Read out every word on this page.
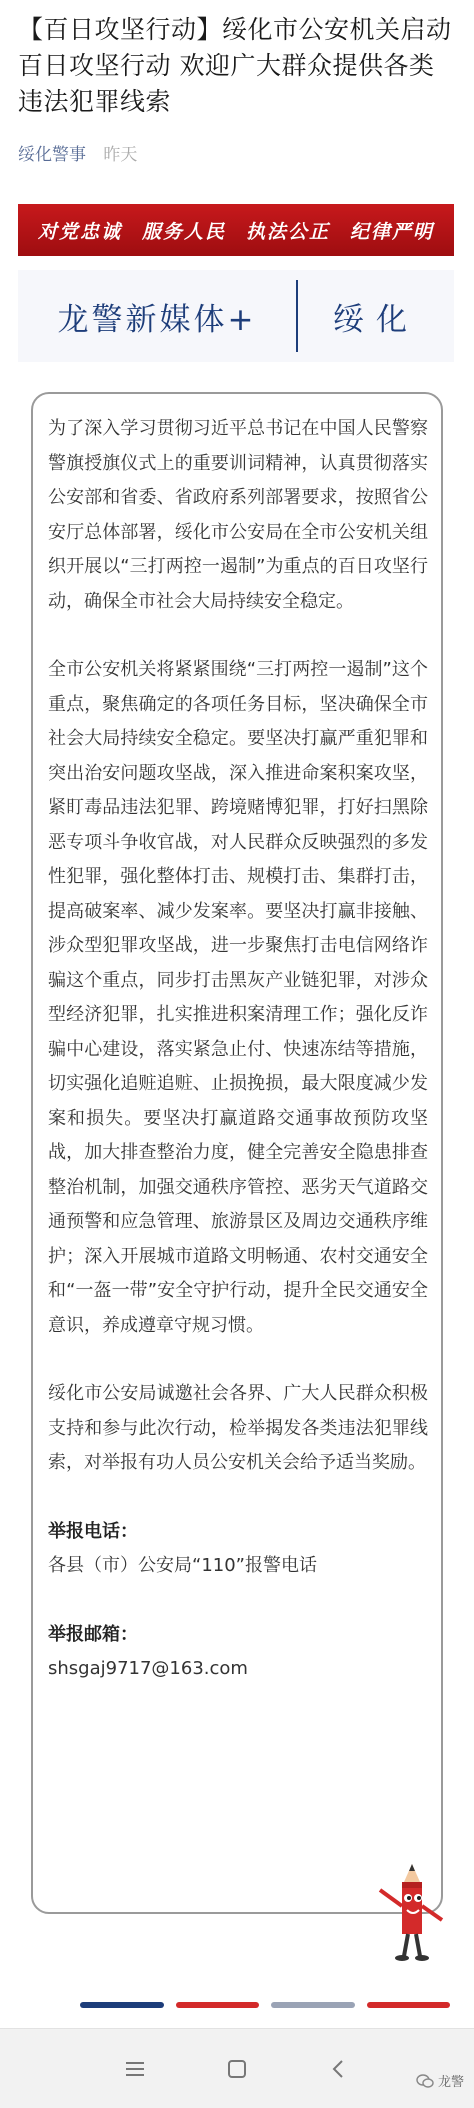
【百日攻坚行动】绥化市公安机关启动百日攻坚行动 欢迎广大群众提供各类违法犯罪线索
绥化警事 昨天
对党忠诚 服务人民 执法公正 纪律严明
龙警新媒体+	绥化

为了深入学习贯彻习近平总书记在中国人民警察警旗授旗仪式上的重要训词精神，认真贯彻落实公安部和省委、省政府系列部署要求，按照省公安厅总体部署，绥化市公安局在全市公安机关组织开展以“三打两控一遏制”为重点的百日攻坚行动，确保全市社会大局持续安全稳定。

全市公安机关将紧紧围绕“三打两控一遏制”这个重点，聚焦确定的各项任务目标，坚决确保全市社会大局持续安全稳定。要坚决打赢严重犯罪和突出治安问题攻坚战，深入推进命案积案攻坚，紧盯毒品违法犯罪、跨境赌博犯罪，打好扫黑除恶专项斗争收官战，对人民群众反映强烈的多发性犯罪，强化整体打击、规模打击、集群打击，提高破案率、减少发案率。要坚决打赢非接触、涉众型犯罪攻坚战，进一步聚焦打击电信网络诈骗这个重点，同步打击黑灰产业链犯罪，对涉众型经济犯罪，扎实推进积案清理工作；强化反诈骗中心建设，落实紧急止付、快速冻结等措施，切实强化追赃追赃、止损挽损，最大限度减少发案和损失。要坚决打赢道路交通事故预防攻坚战，加大排查整治力度，健全完善安全隐患排查整治机制，加强交通秩序管控、恶劣天气道路交通预警和应急管理、旅游景区及周边交通秩序维护；深入开展城市道路文明畅通、农村交通安全和“一盔一带”安全守护行动，提升全民交通安全意识，养成遵章守规习惯。

绥化市公安局诚邀社会各界、广大人民群众积极支持和参与此次行动，检举揭发各类违法犯罪线索，对举报有功人员公安机关会给予适当奖励。

举报电话：

各县（市）公安局“110”报警电话

举报邮箱：

shsgaj9717@163.com

龙警
